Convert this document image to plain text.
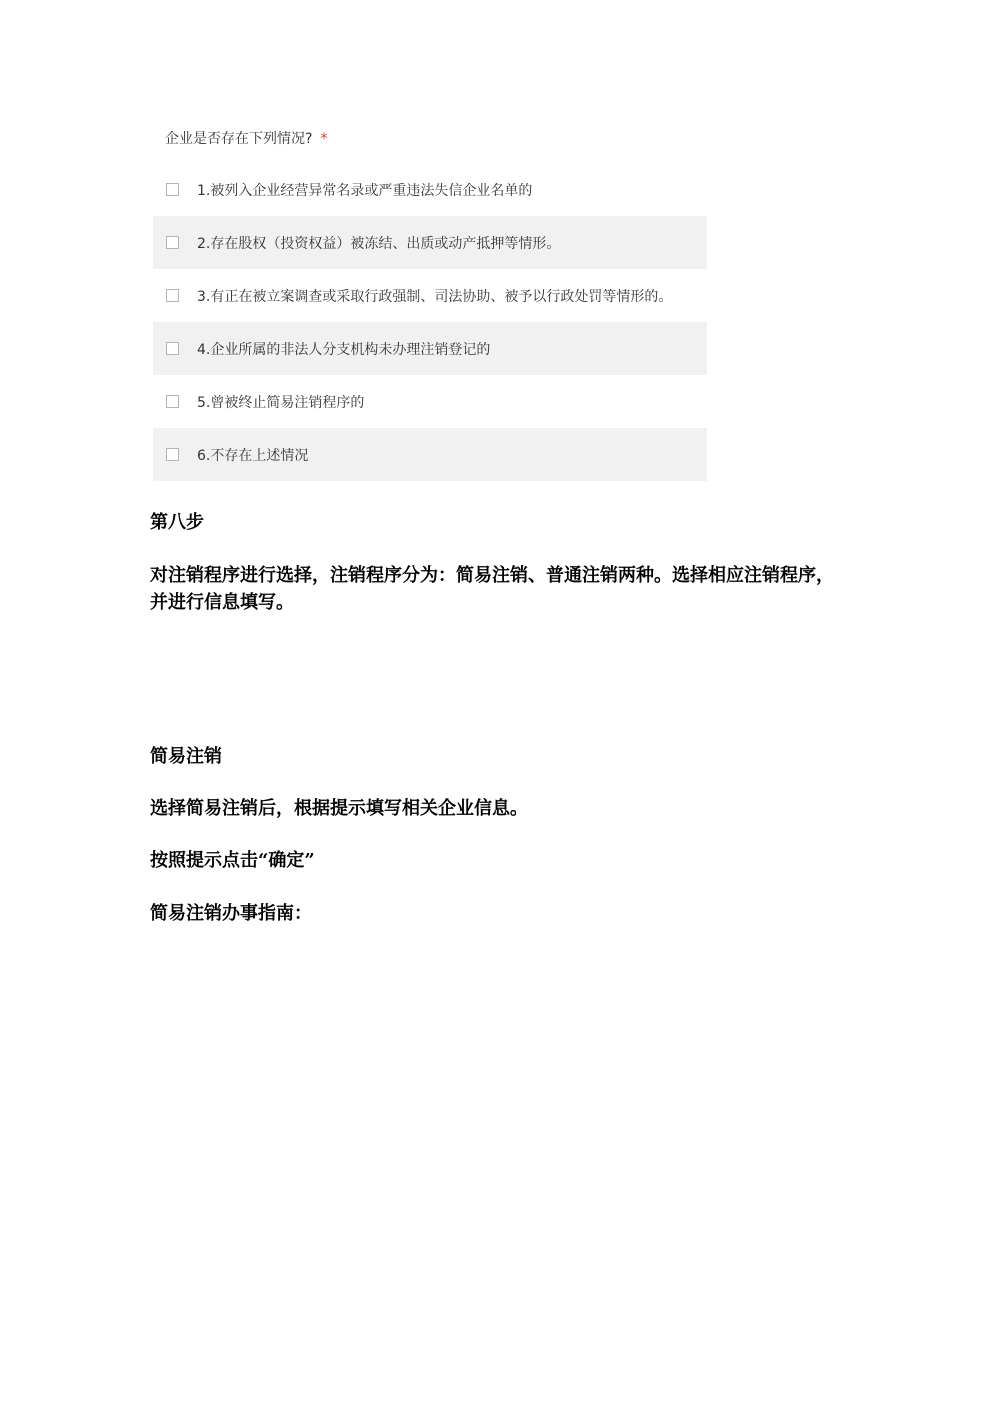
企业是否存在下列情况? *
1.被列入企业经营异常名录或严重违法失信企业名单的
2.存在股权（投资权益）被冻结、出质或动产抵押等情形。
3.有正在被立案调查或采取行政强制、司法协助、被予以行政处罚等情形的。
4.企业所属的非法人分支机构未办理注销登记的
5.曾被终止简易注销程序的
6.不存在上述情况

第八步

对注销程序进行选择，注销程序分为：简易注销、普通注销两种。选择相应注销程序，并进行信息填写。

简易注销

选择简易注销后，根据提示填写相关企业信息。

按照提示点击“确定”

简易注销办事指南：
